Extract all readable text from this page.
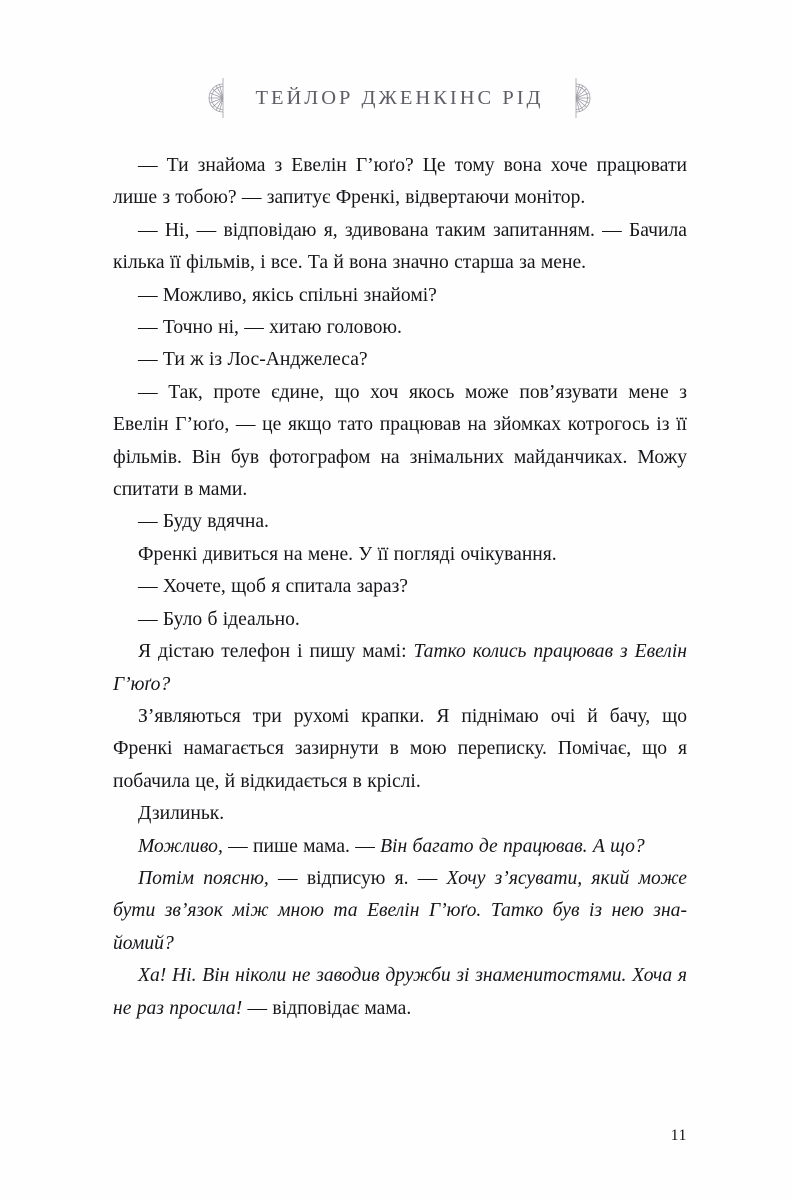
ТЕЙЛОР ДЖЕНКІНС РІД

— Ти знайома з Евелін Г’юґо? Це тому вона хоче працювати лише з тобою? — запитує Френкі, відвертаючи монітор.

— Ні, — відповідаю я, здивована таким запитанням. — Бачила кілька її фільмів, і все. Та й вона значно старша за мене.

— Можливо, якісь спільні знайомі?

— Точно ні, — хитаю головою.

— Ти ж із Лос-Анджелеса?

— Так, проте єдине, що хоч якось може пов’язувати мене з Евелін Г’юґо, — це якщо тато працював на зйомках котрогось із її фільмів. Він був фотографом на знімальних майданчиках. Можу спитати в мами.

— Буду вдячна.

Френкі дивиться на мене. У її погляді очікування.

— Хочете, щоб я спитала зараз?

— Було б ідеально.

Я дістаю телефон і пишу мамі: Татко колись працював з Евелін Г’юґо?

З’являються три рухомі крапки. Я піднімаю очі й бачу, що Френкі намагається зазирнути в мою переписку. Помічає, що я побачила це, й відкидається в кріслі.

Дзилиньк.

Можливо, — пише мама. — Він багато де працював. А що?

Потім поясню, — відписую я. — Хочу з’ясувати, який може бути зв’язок між мною та Евелін Г’юґо. Татко був із нею знайомий?

Ха! Ні. Він ніколи не заводив дружби зі знаменитостями. Хоча я не раз просила! — відповідає мама.

11
